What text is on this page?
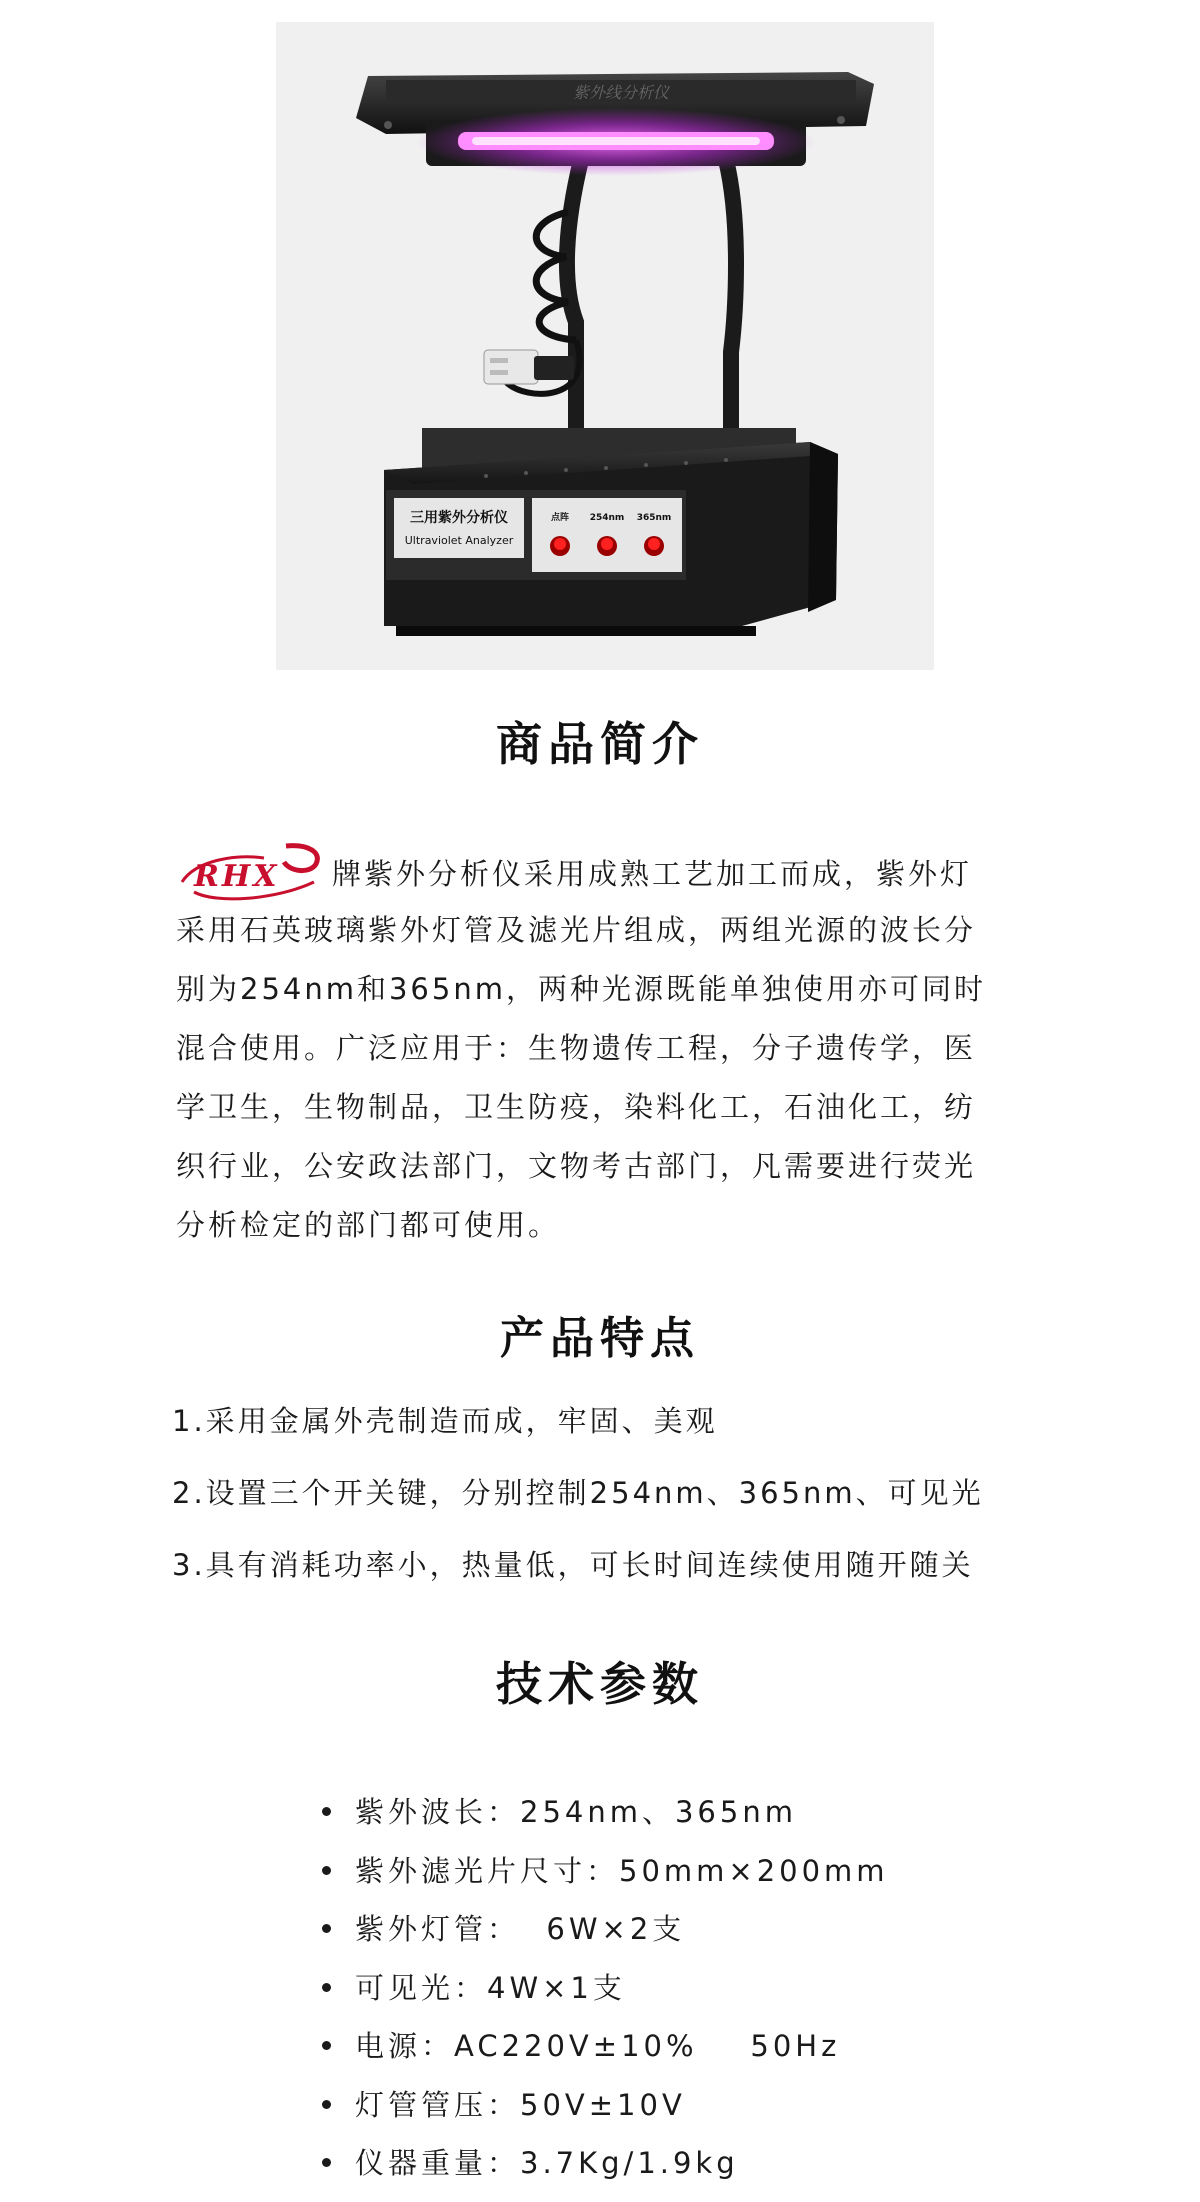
紫外线分析仪
三用紫外分析仪
Ultraviolet Analyzer
点阵 254nm 365nm
商品简介
RHX 牌紫外分析仪采用成熟工艺加工而成，紫外灯
采用石英玻璃紫外灯管及滤光片组成，两组光源的波长分
别为254nm和365nm，两种光源既能单独使用亦可同时
混合使用。广泛应用于：生物遗传工程，分子遗传学，医
学卫生，生物制品，卫生防疫，染料化工，石油化工，纺
织行业，公安政法部门，文物考古部门，凡需要进行荧光
分析检定的部门都可使用。
产品特点
1.采用金属外壳制造而成，牢固、美观
2.设置三个开关键，分别控制254nm、365nm、可见光
3.具有消耗功率小，热量低，可长时间连续使用随开随关
技术参数
紫外波长：254nm、365nm
紫外滤光片尺寸：50mm×200mm
紫外灯管：  6W×2支
可见光：4W×1支
电源：AC220V±10%    50Hz
灯管管压：50V±10V
仪器重量：3.7Kg/1.9kg
